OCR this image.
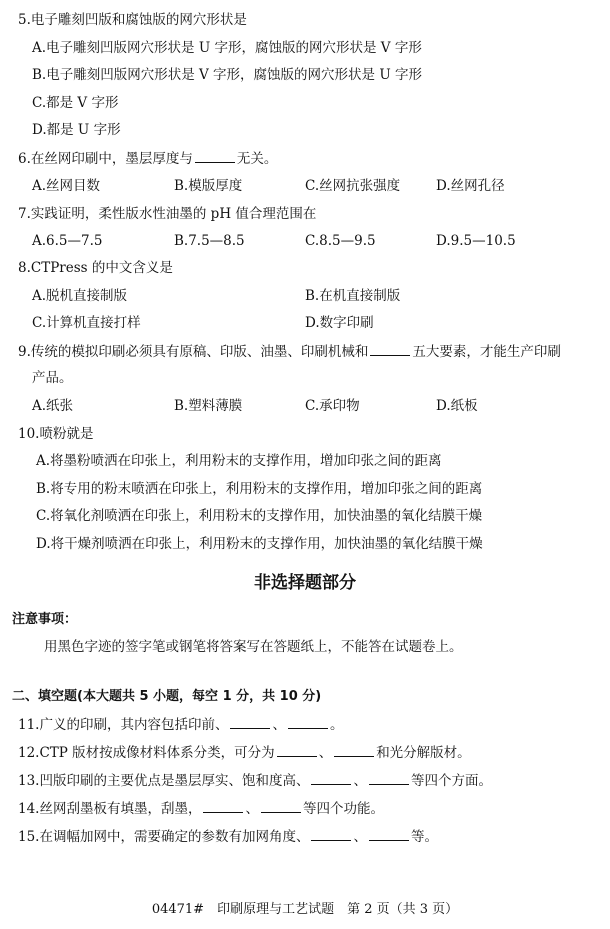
5.电子雕刻凹版和腐蚀版的网穴形状是
A.电子雕刻凹版网穴形状是 U 字形，腐蚀版的网穴形状是 V 字形
B.电子雕刻凹版网穴形状是 V 字形，腐蚀版的网穴形状是 U 字形
C.都是 V 字形
D.都是 U 字形
6.在丝网印刷中，墨层厚度与	无关。
A.丝网目数	B.模版厚度	C.丝网抗张强度	D.丝网孔径
7.实践证明，柔性版水性油墨的 pH 值合理范围在
A.6.5—7.5	B.7.5—8.5	C.8.5—9.5	D.9.5—10.5
8.CTPress 的中文含义是
A.脱机直接制版	B.在机直接制版
C.计算机直接打样	D.数字印刷
9.传统的模拟印刷必须具有原稿、印版、油墨、印刷机械和	五大要素，才能生产印刷
产品。
A.纸张	B.塑料薄膜	C.承印物	D.纸板
10.喷粉就是
A.将墨粉喷洒在印张上，利用粉末的支撑作用，增加印张之间的距离
B.将专用的粉末喷洒在印张上，利用粉末的支撑作用，增加印张之间的距离
C.将氧化剂喷洒在印张上，利用粉末的支撑作用，加快油墨的氧化结膜干燥
D.将干燥剂喷洒在印张上，利用粉末的支撑作用，加快油墨的氧化结膜干燥
非选择题部分
注意事项：
用黑色字迹的签字笔或钢笔将答案写在答题纸上，不能答在试题卷上。
二、填空题(本大题共 5 小题，每空 1 分，共 10 分)
11.广义的印刷，其内容包括印前、	、	。
12.CTP 版材按成像材料体系分类，可分为	、	和光分解版材。
13.凹版印刷的主要优点是墨层厚实、饱和度高、	、	等四个方面。
14.丝网刮墨板有填墨，刮墨，	、	等四个功能。
15.在调幅加网中，需要确定的参数有加网角度、	、	等。
04471#　印刷原理与工艺试题　第 2 页（共 3 页）
